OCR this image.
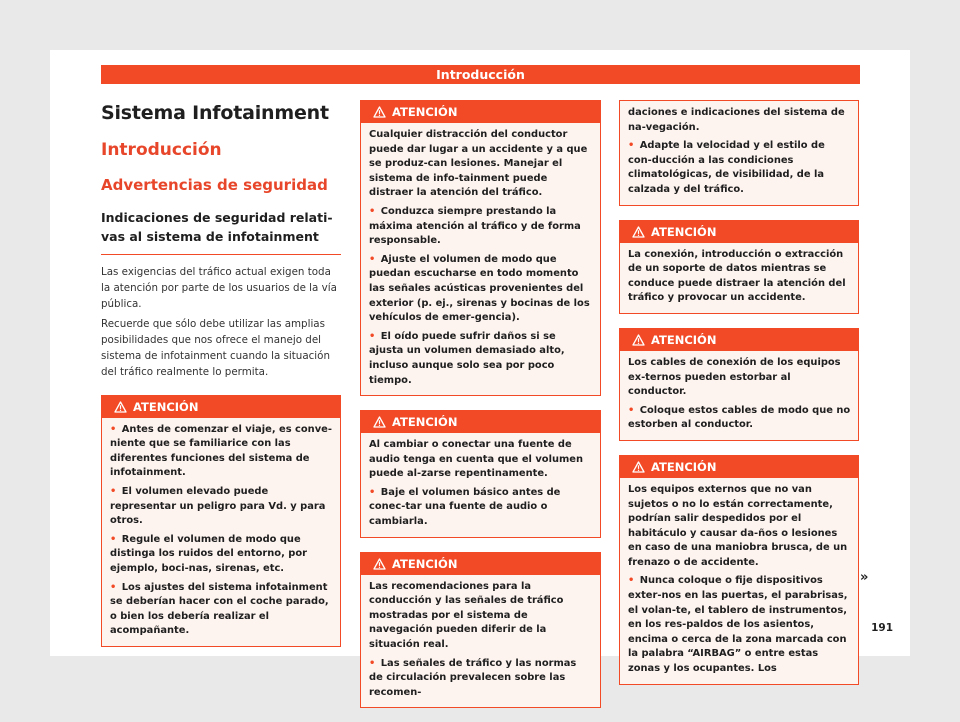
Introducción
Sistema Infotainment
Introducción
Advertencias de seguridad
Indicaciones de seguridad relati-vas al sistema de infotainment

Las exigencias del tráfico actual exigen toda la atención por parte de los usuarios de la vía pública.

Recuerde que sólo debe utilizar las amplias posibilidades que nos ofrece el manejo del sistema de infotainment cuando la situación del tráfico realmente lo permita.

ATENCIÓN

• Antes de comenzar el viaje, es conve-niente que se familiarice con las diferentes funciones del sistema de infotainment.

• El volumen elevado puede representar un peligro para Vd. y para otros.

• Regule el volumen de modo que distinga los ruidos del entorno, por ejemplo, boci-nas, sirenas, etc.

• Los ajustes del sistema infotainment se deberían hacer con el coche parado, o bien los debería realizar el acompañante.

ATENCIÓN

Cualquier distracción del conductor puede dar lugar a un accidente y a que se produz-can lesiones. Manejar el sistema de info-tainment puede distraer la atención del tráfico.

• Conduzca siempre prestando la máxima atención al tráfico y de forma responsable.

• Ajuste el volumen de modo que puedan escucharse en todo momento las señales acústicas provenientes del exterior (p. ej., sirenas y bocinas de los vehículos de emer-gencia).

• El oído puede sufrir daños si se ajusta un volumen demasiado alto, incluso aunque solo sea por poco tiempo.

ATENCIÓN

Al cambiar o conectar una fuente de audio tenga en cuenta que el volumen puede al-zarse repentinamente.

• Baje el volumen básico antes de conec-tar una fuente de audio o cambiarla.

ATENCIÓN

Las recomendaciones para la conducción y las señales de tráfico mostradas por el sistema de navegación pueden diferir de la situación real.

• Las señales de tráfico y las normas de circulación prevalecen sobre las recomen-

daciones e indicaciones del sistema de na-vegación.

• Adapte la velocidad y el estilo de con-ducción a las condiciones climatológicas, de visibilidad, de la calzada y del tráfico.

ATENCIÓN

La conexión, introducción o extracción de un soporte de datos mientras se conduce puede distraer la atención del tráfico y provocar un accidente.

ATENCIÓN

Los cables de conexión de los equipos ex-ternos pueden estorbar al conductor.

• Coloque estos cables de modo que no estorben al conductor.

ATENCIÓN

Los equipos externos que no van sujetos o no lo están correctamente, podrían salir despedidos por el habitáculo y causar da-ños o lesiones en caso de una maniobra brusca, de un frenazo o de accidente.

• Nunca coloque o fije dispositivos exter-nos en las puertas, el parabrisas, el volan-te, el tablero de instrumentos, en los res-paldos de los asientos, encima o cerca de la zona marcada con la palabra “AIRBAG” o entre estas zonas y los ocupantes. Los

»
191
